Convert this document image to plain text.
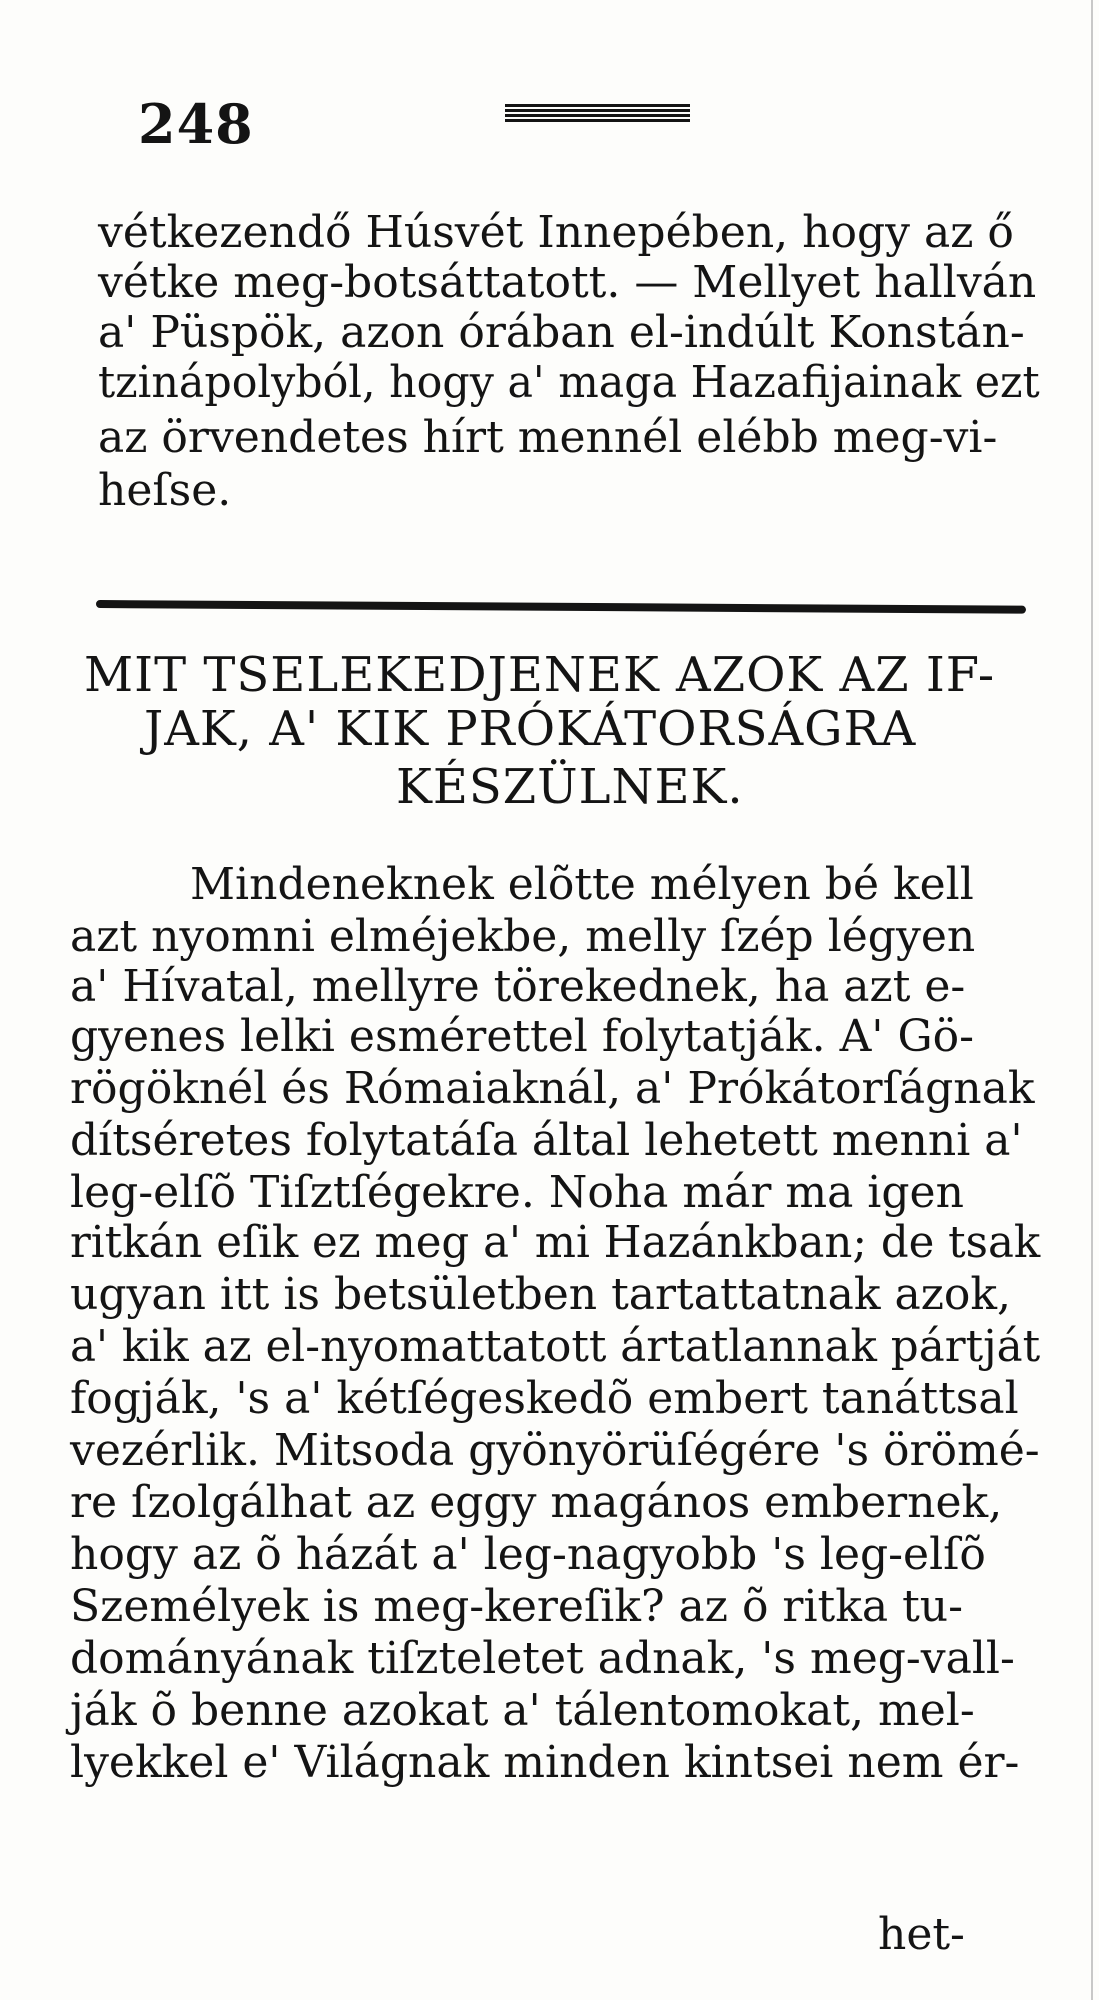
248
vétkezendő Húsvét Innepében, hogy az ő
vétke meg-botsáttatott. — Mellyet hallván
a' Püspök, azon órában el-indúlt Konstán-
tzinápolyból, hogy a' maga Hazafijainak ezt
az örvendetes hírt mennél elébb meg-vi-
heſse.
MIT TSELEKEDJENEK AZOK AZ IF-
JAK, A' KIK PRÓKÁTORSÁGRA
KÉSZÜLNEK.
Mindeneknek elõtte mélyen bé kell
azt nyomni elméjekbe, melly ſzép légyen
a' Hívatal, mellyre törekednek, ha azt e-
gyenes lelki esmérettel folytatják. A' Gö-
rögöknél és Rómaiaknál, a' Prókátorſágnak
dítséretes folytatáſa által lehetett menni a'
leg-elſõ Tiſztſégekre. Noha már ma igen
ritkán eſik ez meg a' mi Hazánkban; de tsak
ugyan itt is betsületben tartattatnak azok,
a' kik az el-nyomattatott ártatlannak pártját
fogják, 's a' kétſégeskedõ embert tanáttsal
vezérlik. Mitsoda gyönyörüſégére 's örömé-
re ſzolgálhat az eggy magános embernek,
hogy az õ házát a' leg-nagyobb 's leg-elſõ
Személyek is meg-kereſik? az õ ritka tu-
dományának tiſzteletet adnak, 's meg-vall-
ják õ benne azokat a' tálentomokat, mel-
lyekkel e' Világnak minden kintsei nem ér-
het-
